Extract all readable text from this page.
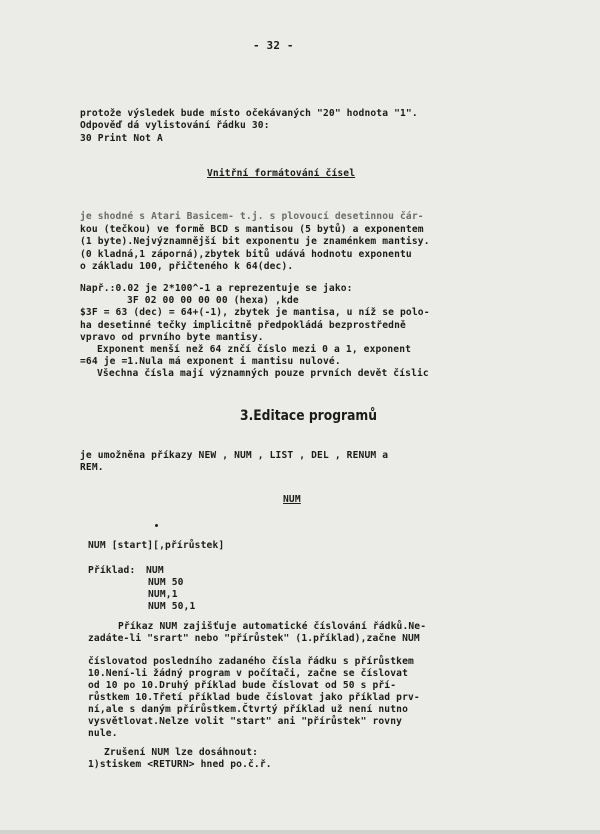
- 32 -
protože výsledek bude místo očekávaných "20" hodnota "1".
Odpověď dá vylistování řádku 30:
30 Print Not A
Vnitřní formátování čísel
je shodné s Atari Basicem- t.j. s plovoucí desetinnou čár-
kou (tečkou) ve formě BCD s mantisou (5 bytů) a exponentem
(1 byte).Nejvýznamnější bit exponentu je znaménkem mantisy.
(0 kladná,1 záporná),zbytek bitů udává hodnotu exponentu
o základu 100, přičteného k 64(dec).
Např.:0.02 je 2*100^-1 a reprezentuje se jako:
3F 02 00 00 00 00 (hexa) ,kde
$3F = 63 (dec) = 64+(-1), zbytek je mantisa, u níž se polo-
ha desetinné tečky implicitně předpokládá bezprostředně
vpravo od prvního byte mantisy.
Exponent menší než 64 znčí číslo mezi 0 a 1, exponent
=64 je =1.Nula má exponent i mantisu nulové.
Všechna čísla mají významných pouze prvních devět číslic
3.Editace programů
je umožněna příkazy NEW , NUM , LIST , DEL , RENUM a
REM.
NUM
NUM [start][,přírůstek]
Příklad: NUM
NUM 50
NUM,1
NUM 50,1
Příkaz NUM zajišťuje automatické číslování řádků.Ne-
zadáte-li "srart" nebo "přírůstek" (1.příklad),začne NUM
číslovatod posledního zadaného čísla řádku s přírůstkem
10.Není-li žádný program v počítači, začne se číslovat
od 10 po 10.Druhý příklad bude číslovat od 50 s pří-
růstkem 10.Třetí příklad bude číslovat jako příklad prv-
ní,ale s daným přírůstkem.Čtvrtý příklad už není nutno
vysvětlovat.Nelze volit "start" ani "přírůstek" rovny
nule.
Zrušení NUM lze dosáhnout:
1)stiskem <RETURN> hned po.č.ř.
